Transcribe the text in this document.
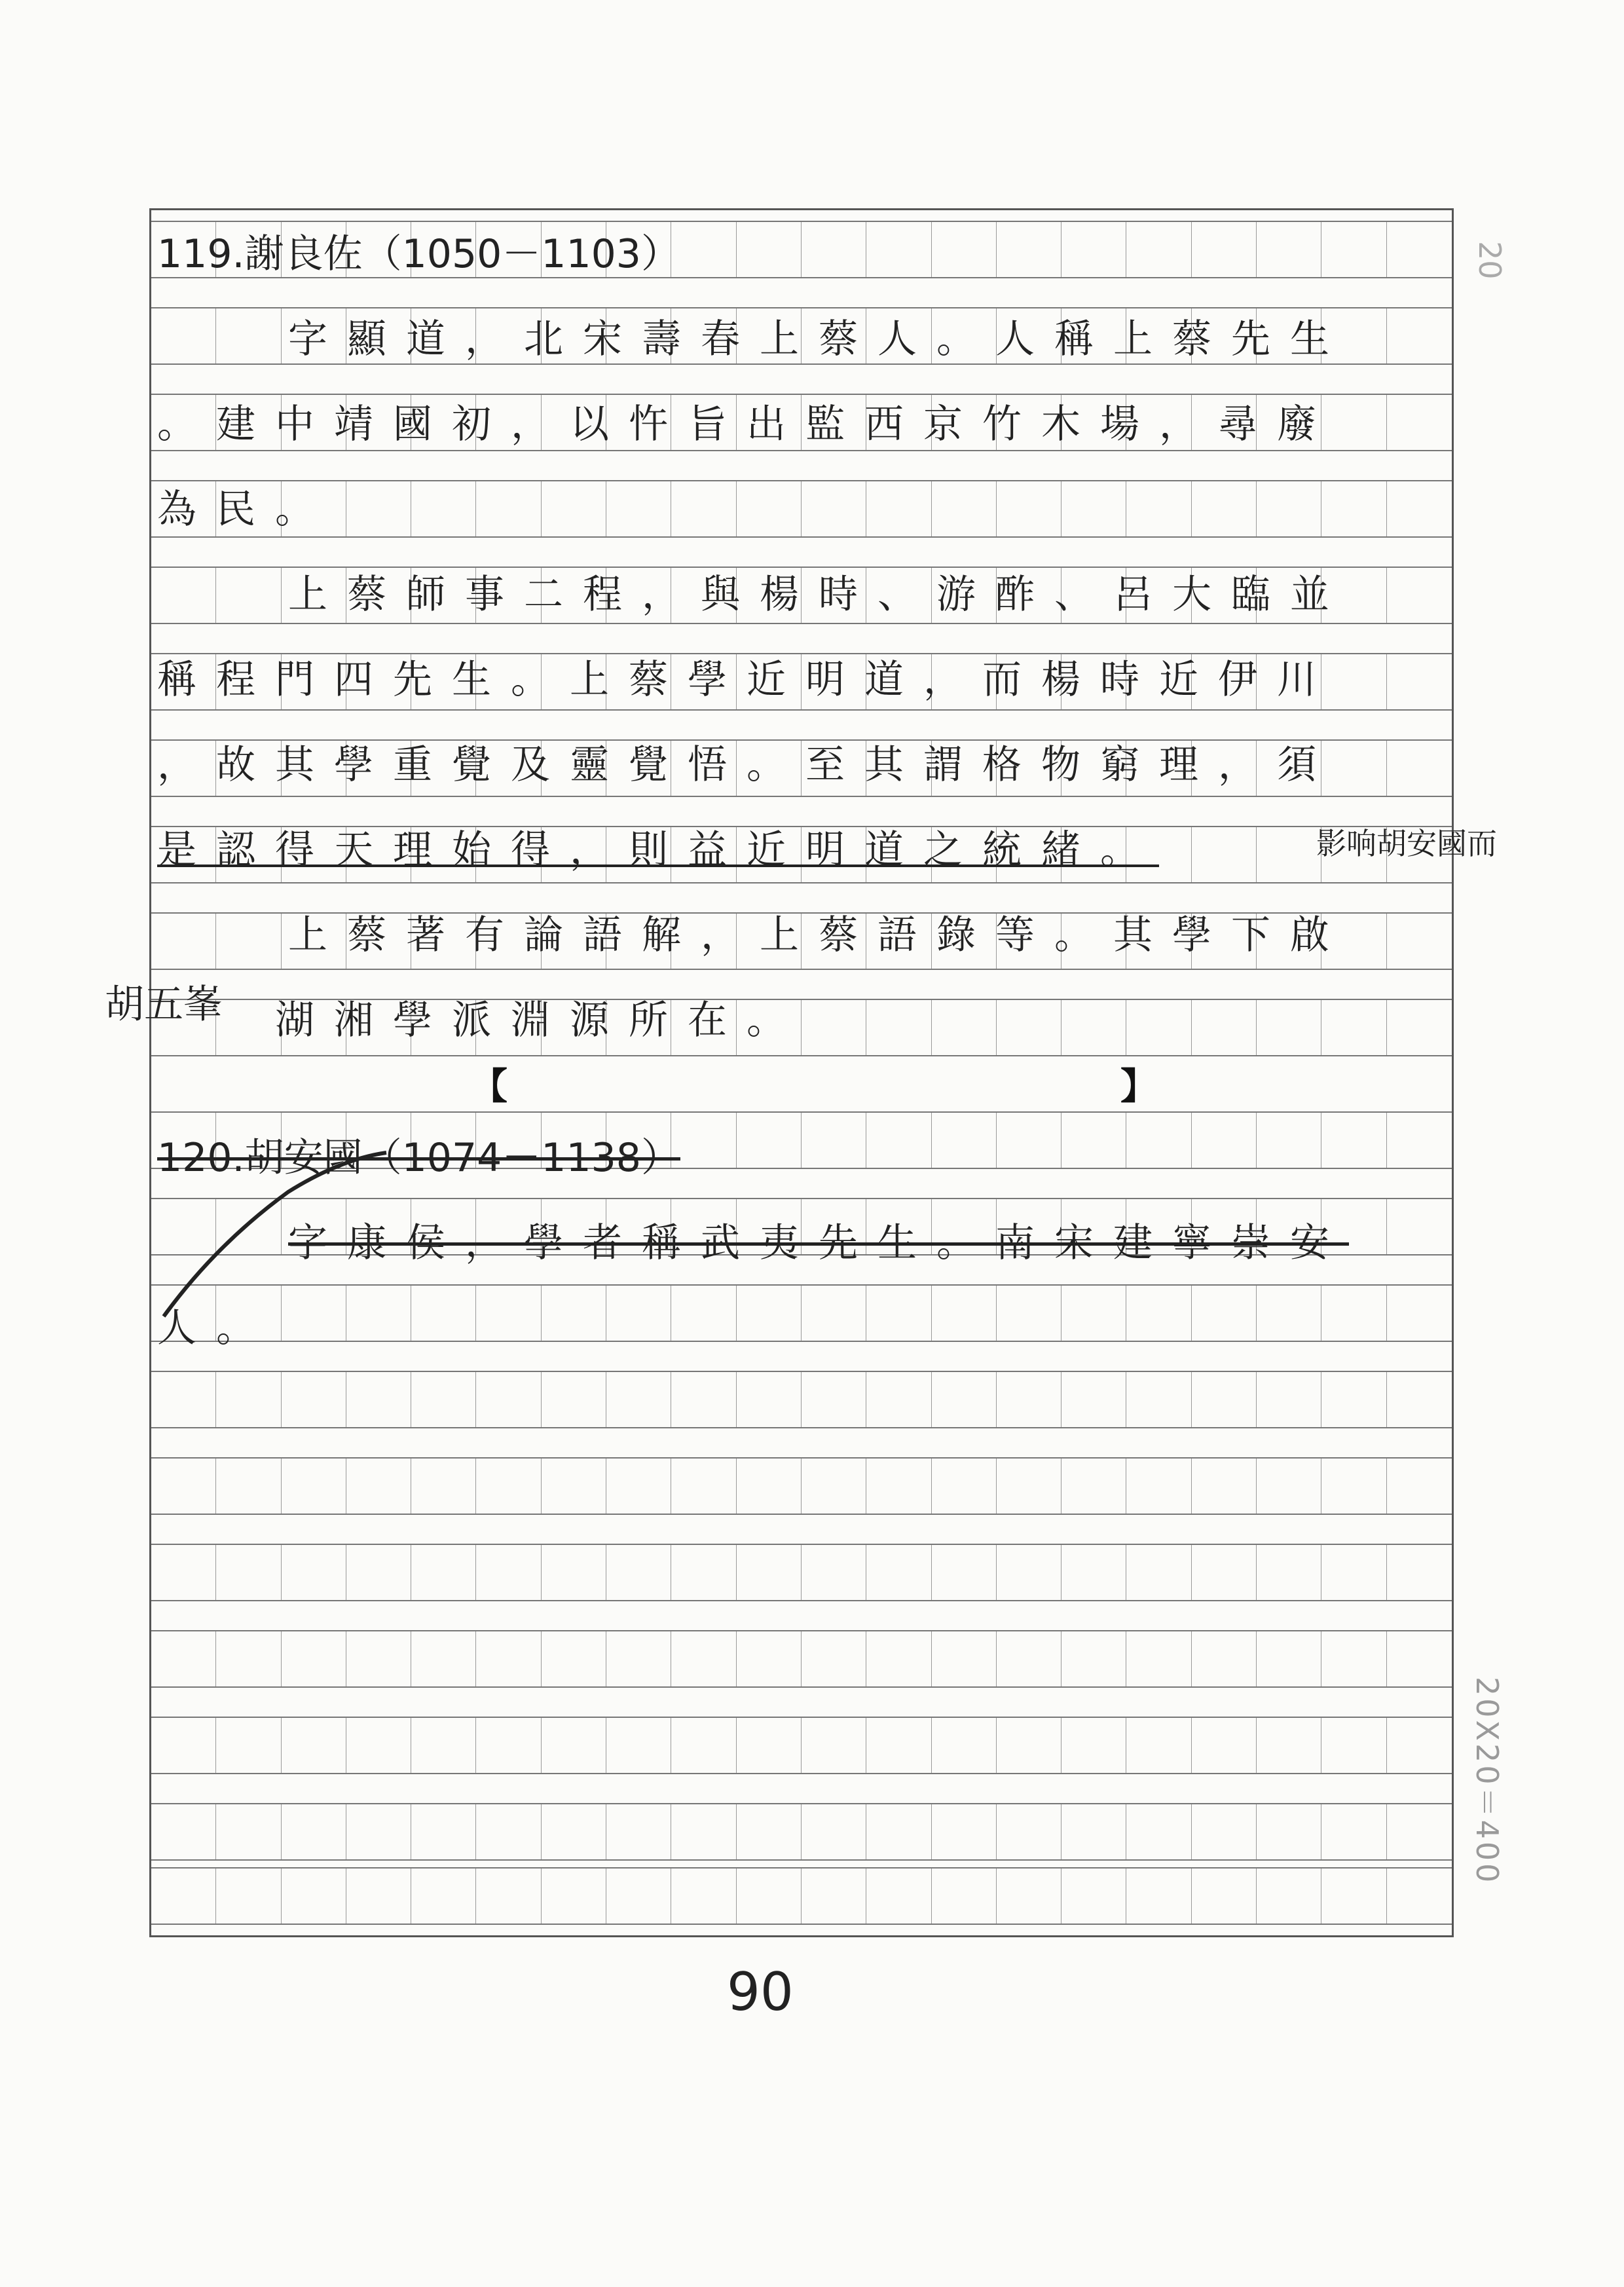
【	】
119.謝良佐（1050－1103）
字顯道，北宋壽春上蔡人。人稱上蔡先生
。建中靖國初，以忤旨出監西京竹木場，尋廢
為民。
上蔡師事二程，與楊時、游酢、呂大臨並
稱程門四先生。上蔡學近明道，而楊時近伊川
，故其學重覺及靈覺悟。至其謂格物窮理，須
是認得天理始得，則益近明道之統緒。	影响胡安國而
上蔡著有論語解，上蔡語錄等。其學下啟
胡五峯 湖湘學派淵源所在。
120.胡安國（1074－1138）
字康侯，學者稱武夷先生。南宋建寧崇安
人。
20
20X20＝400
90
